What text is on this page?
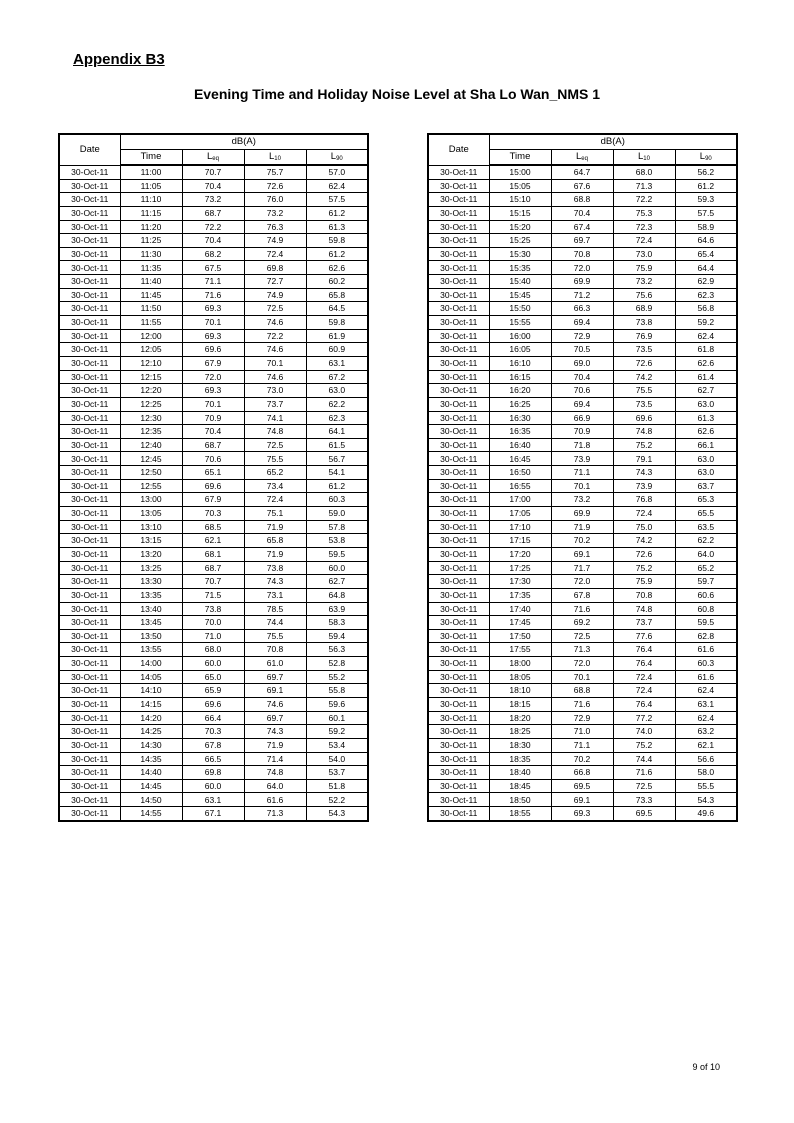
Appendix B3
Evening Time and Holiday Noise Level at Sha Lo Wan_NMS 1
Date	dB(A)			
	Time	$L_{eq}$	$L_{10}$	$L_{90}$
30-Oct-11	11:00	70.7	75.7	57.0
30-Oct-11	11:05	70.4	72.6	62.4
30-Oct-11	11:10	73.2	76.0	57.5
30-Oct-11	11:15	68.7	73.2	61.2
30-Oct-11	11:20	72.2	76.3	61.3
30-Oct-11	11:25	70.4	74.9	59.8
30-Oct-11	11:30	68.2	72.4	61.2
30-Oct-11	11:35	67.5	69.8	62.6
30-Oct-11	11:40	71.1	72.7	60.2
30-Oct-11	11:45	71.6	74.9	65.8
30-Oct-11	11:50	69.3	72.5	64.5
30-Oct-11	11:55	70.1	74.6	59.8
30-Oct-11	12:00	69.3	72.2	61.9
30-Oct-11	12:05	69.6	74.6	60.9
30-Oct-11	12:10	67.9	70.1	63.1
30-Oct-11	12:15	72.0	74.6	67.2
30-Oct-11	12:20	69.3	73.0	63.0
30-Oct-11	12:25	70.1	73.7	62.2
30-Oct-11	12:30	70.9	74.1	62.3
30-Oct-11	12:35	70.4	74.8	64.1
30-Oct-11	12:40	68.7	72.5	61.5
30-Oct-11	12:45	70.6	75.5	56.7
30-Oct-11	12:50	65.1	65.2	54.1
30-Oct-11	12:55	69.6	73.4	61.2
30-Oct-11	13:00	67.9	72.4	60.3
30-Oct-11	13:05	70.3	75.1	59.0
30-Oct-11	13:10	68.5	71.9	57.8
30-Oct-11	13:15	62.1	65.8	53.8
30-Oct-11	13:20	68.1	71.9	59.5
30-Oct-11	13:25	68.7	73.8	60.0
30-Oct-11	13:30	70.7	74.3	62.7
30-Oct-11	13:35	71.5	73.1	64.8
30-Oct-11	13:40	73.8	78.5	63.9
30-Oct-11	13:45	70.0	74.4	58.3
30-Oct-11	13:50	71.0	75.5	59.4
30-Oct-11	13:55	68.0	70.8	56.3
30-Oct-11	14:00	60.0	61.0	52.8
30-Oct-11	14:05	65.0	69.7	55.2
30-Oct-11	14:10	65.9	69.1	55.8
30-Oct-11	14:15	69.6	74.6	59.6
30-Oct-11	14:20	66.4	69.7	60.1
30-Oct-11	14:25	70.3	74.3	59.2
30-Oct-11	14:30	67.8	71.9	53.4
30-Oct-11	14:35	66.5	71.4	54.0
30-Oct-11	14:40	69.8	74.8	53.7
30-Oct-11	14:45	60.0	64.0	51.8
30-Oct-11	14:50	63.1	61.6	52.2
30-Oct-11	14:55	67.1	71.3	54.3
Date	dB(A)			
	Time	$L_{eq}$	$L_{10}$	$L_{90}$
30-Oct-11	15:00	64.7	68.0	56.2
30-Oct-11	15:05	67.6	71.3	61.2
30-Oct-11	15:10	68.8	72.2	59.3
30-Oct-11	15:15	70.4	75.3	57.5
30-Oct-11	15:20	67.4	72.3	58.9
30-Oct-11	15:25	69.7	72.4	64.6
30-Oct-11	15:30	70.8	73.0	65.4
30-Oct-11	15:35	72.0	75.9	64.4
30-Oct-11	15:40	69.9	73.2	62.9
30-Oct-11	15:45	71.2	75.6	62.3
30-Oct-11	15:50	66.3	68.9	56.8
30-Oct-11	15:55	69.4	73.8	59.2
30-Oct-11	16:00	72.9	76.9	62.4
30-Oct-11	16:05	70.5	73.5	61.8
30-Oct-11	16:10	69.0	72.6	62.6
30-Oct-11	16:15	70.4	74.2	61.4
30-Oct-11	16:20	70.6	75.5	62.7
30-Oct-11	16:25	69.4	73.5	63.0
30-Oct-11	16:30	66.9	69.6	61.3
30-Oct-11	16:35	70.9	74.8	62.6
30-Oct-11	16:40	71.8	75.2	66.1
30-Oct-11	16:45	73.9	79.1	63.0
30-Oct-11	16:50	71.1	74.3	63.0
30-Oct-11	16:55	70.1	73.9	63.7
30-Oct-11	17:00	73.2	76.8	65.3
30-Oct-11	17:05	69.9	72.4	65.5
30-Oct-11	17:10	71.9	75.0	63.5
30-Oct-11	17:15	70.2	74.2	62.2
30-Oct-11	17:20	69.1	72.6	64.0
30-Oct-11	17:25	71.7	75.2	65.2
30-Oct-11	17:30	72.0	75.9	59.7
30-Oct-11	17:35	67.8	70.8	60.6
30-Oct-11	17:40	71.6	74.8	60.8
30-Oct-11	17:45	69.2	73.7	59.5
30-Oct-11	17:50	72.5	77.6	62.8
30-Oct-11	17:55	71.3	76.4	61.6
30-Oct-11	18:00	72.0	76.4	60.3
30-Oct-11	18:05	70.1	72.4	61.6
30-Oct-11	18:10	68.8	72.4	62.4
30-Oct-11	18:15	71.6	76.4	63.1
30-Oct-11	18:20	72.9	77.2	62.4
30-Oct-11	18:25	71.0	74.0	63.2
30-Oct-11	18:30	71.1	75.2	62.1
30-Oct-11	18:35	70.2	74.4	56.6
30-Oct-11	18:40	66.8	71.6	58.0
30-Oct-11	18:45	69.5	72.5	55.5
30-Oct-11	18:50	69.1	73.3	54.3
30-Oct-11	18:55	69.3	69.5	49.6
9 of 10
